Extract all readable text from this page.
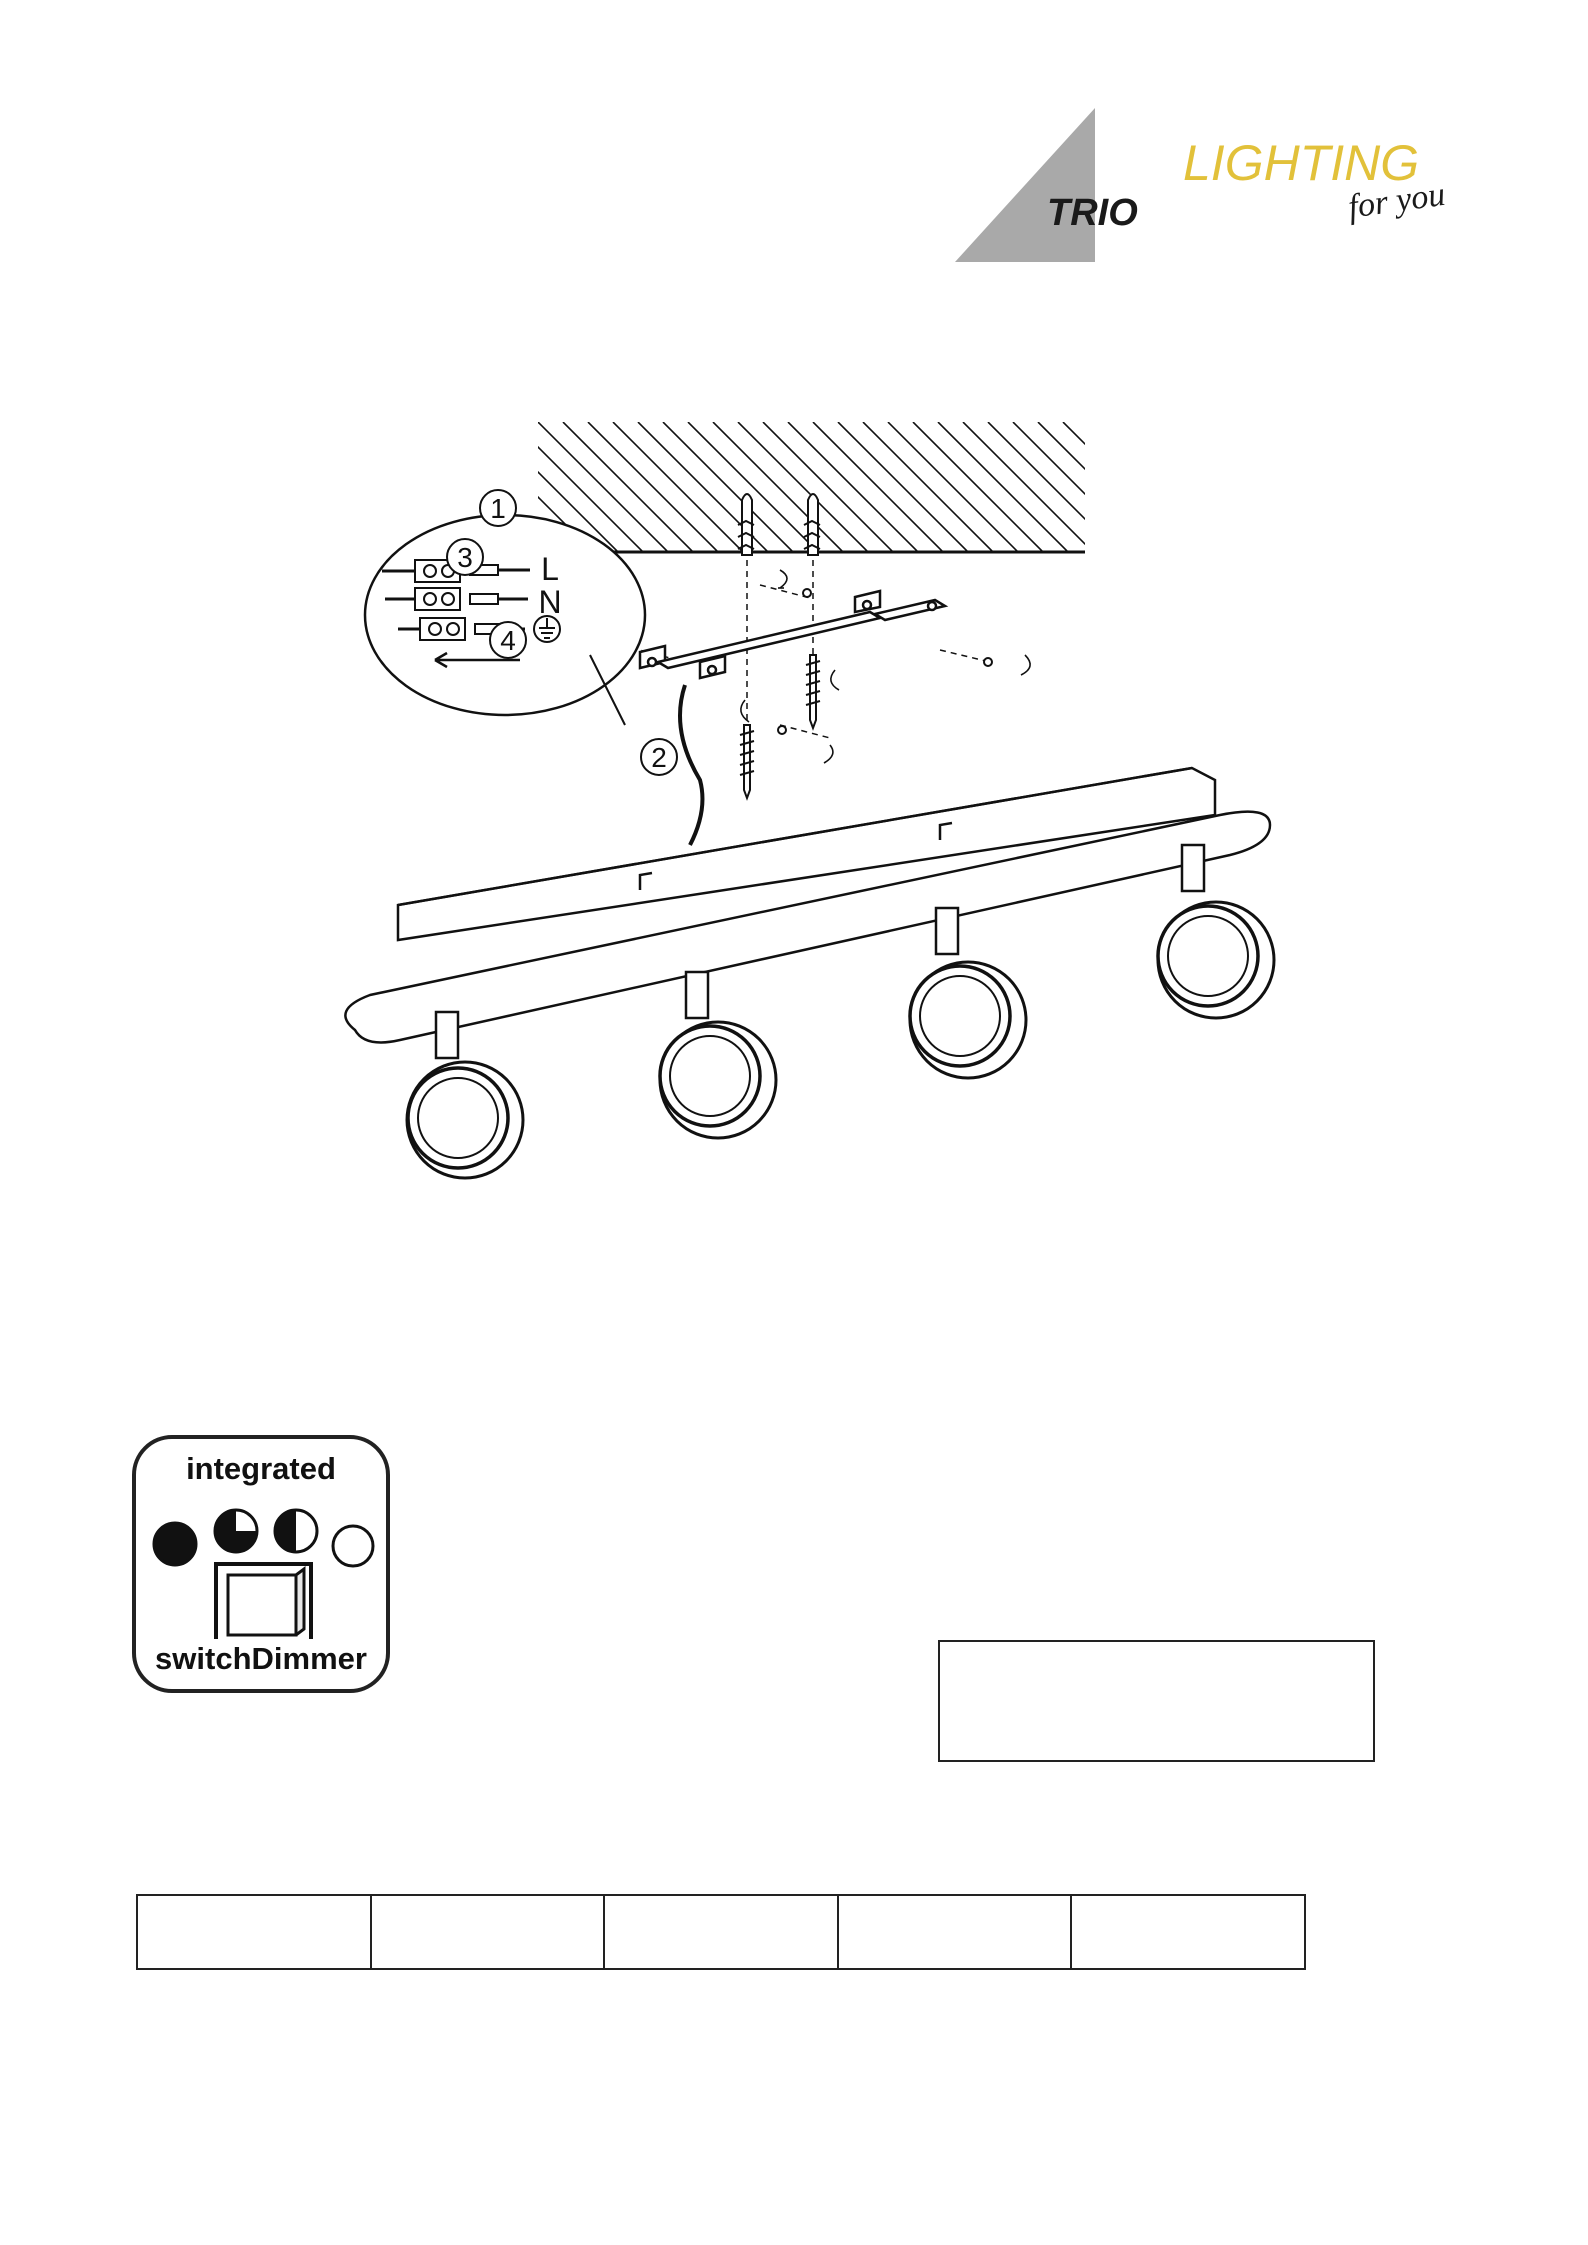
TRIO
LIGHTING
for you
1
2
3
4
L
N
integrated
switchDimmer
